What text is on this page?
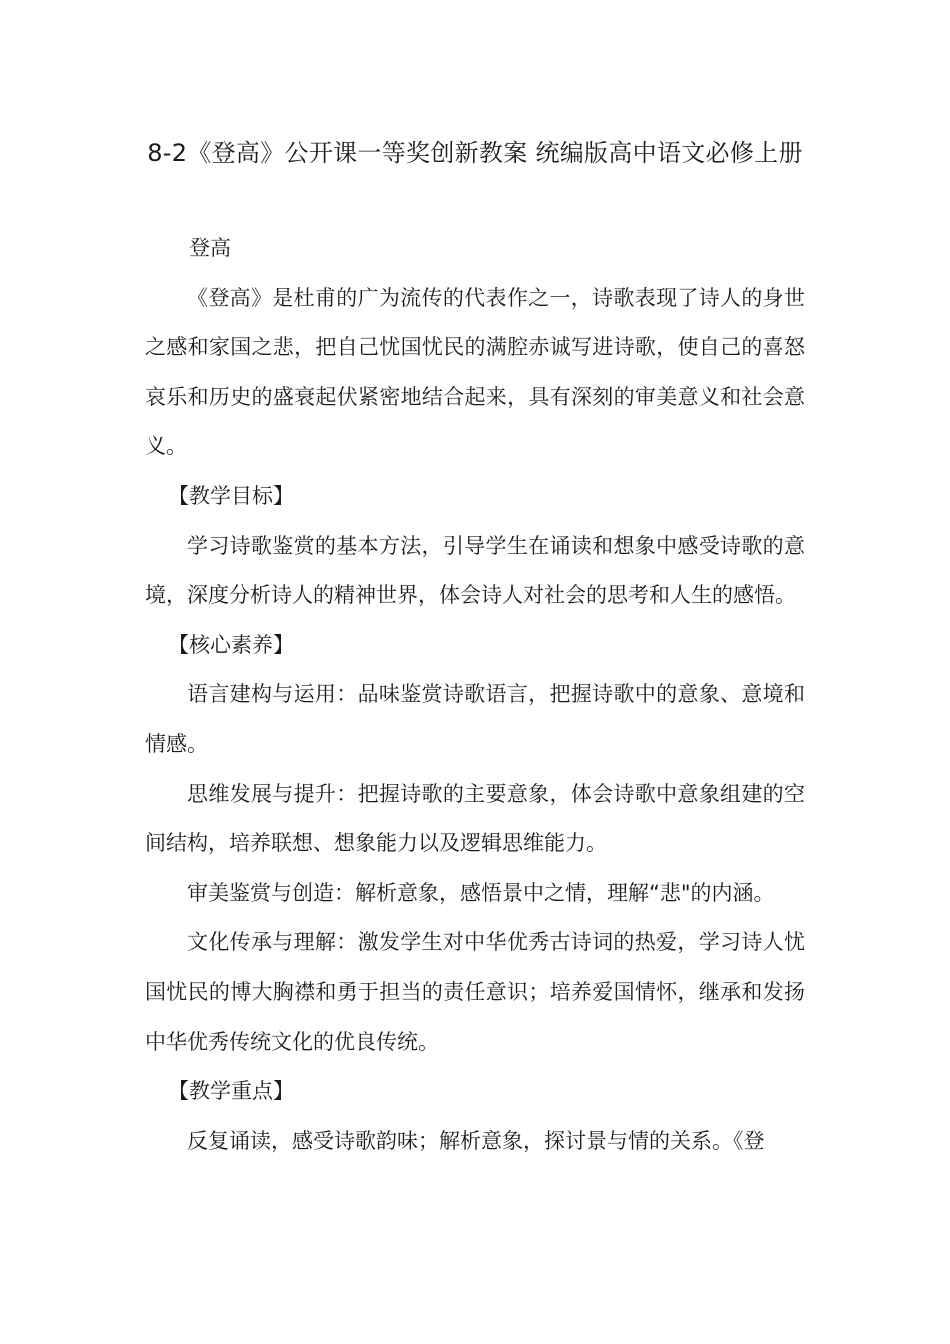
8-2《登高》公开课一等奖创新教案 统编版高中语文必修上册

登高

《登高》是杜甫的广为流传的代表作之一，诗歌表现了诗人的身世之感和家国之悲，把自己忧国忧民的满腔赤诚写进诗歌，使自己的喜怒哀乐和历史的盛衰起伏紧密地结合起来，具有深刻的审美意义和社会意义。

【教学目标】

学习诗歌鉴赏的基本方法，引导学生在诵读和想象中感受诗歌的意境，深度分析诗人的精神世界，体会诗人对社会的思考和人生的感悟。

【核心素养】

语言建构与运用：品味鉴赏诗歌语言，把握诗歌中的意象、意境和情感。

思维发展与提升：把握诗歌的主要意象，体会诗歌中意象组建的空间结构，培养联想、想象能力以及逻辑思维能力。

审美鉴赏与创造：解析意象，感悟景中之情，理解“悲"的内涵。

文化传承与理解：激发学生对中华优秀古诗词的热爱，学习诗人忧国忧民的博大胸襟和勇于担当的责任意识；培养爱国情怀，继承和发扬中华优秀传统文化的优良传统。

【教学重点】

反复诵读，感受诗歌韵味；解析意象，探讨景与情的关系。《登
